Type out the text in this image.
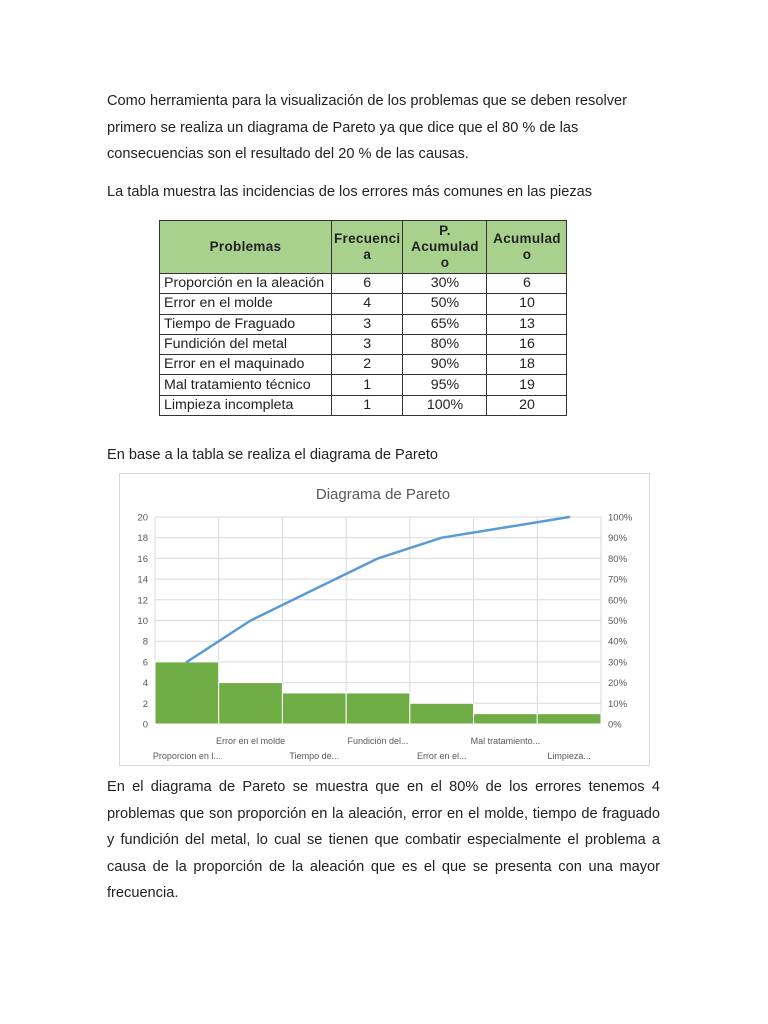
Como herramienta para la visualización de los problemas que se deben resolver
primero se realiza un diagrama de Pareto ya que dice que el 80 % de las
consecuencias son el resultado del 20 % de las causas.

La tabla muestra las incidencias de los errores más comunes en las piezas

Problemas	Frecuenci a	P. Acumulad o	Acumulad o
Proporción en la aleación	6	30%	6
Error en el molde	4	50%	10
Tiempo de Fraguado	3	65%	13
Fundición del metal	3	80%	16
Error en el maquinado	2	90%	18
Mal tratamiento técnico	1	95%	19
Limpieza incompleta	1	100%	20

En base a la tabla se realiza el diagrama de Pareto

Diagrama de Pareto
0
2
4
6
8
10
12
14
16
18
20
0%
10%
20%
30%
40%
50%
60%
70%
80%
90%
100%
Proporcion en l...
Error en el molde
Tiempo de...
Fundición del...
Error en el...
Mal tratamiento...
Limpieza...

En el diagrama de Pareto se muestra que en el 80% de los errores tenemos 4 problemas que son proporción en la aleación, error en el molde, tiempo de fraguado y fundición del metal, lo cual se tienen que combatir especialmente el problema a causa de la proporción de la aleación que es el que se presenta con una mayor frecuencia.
